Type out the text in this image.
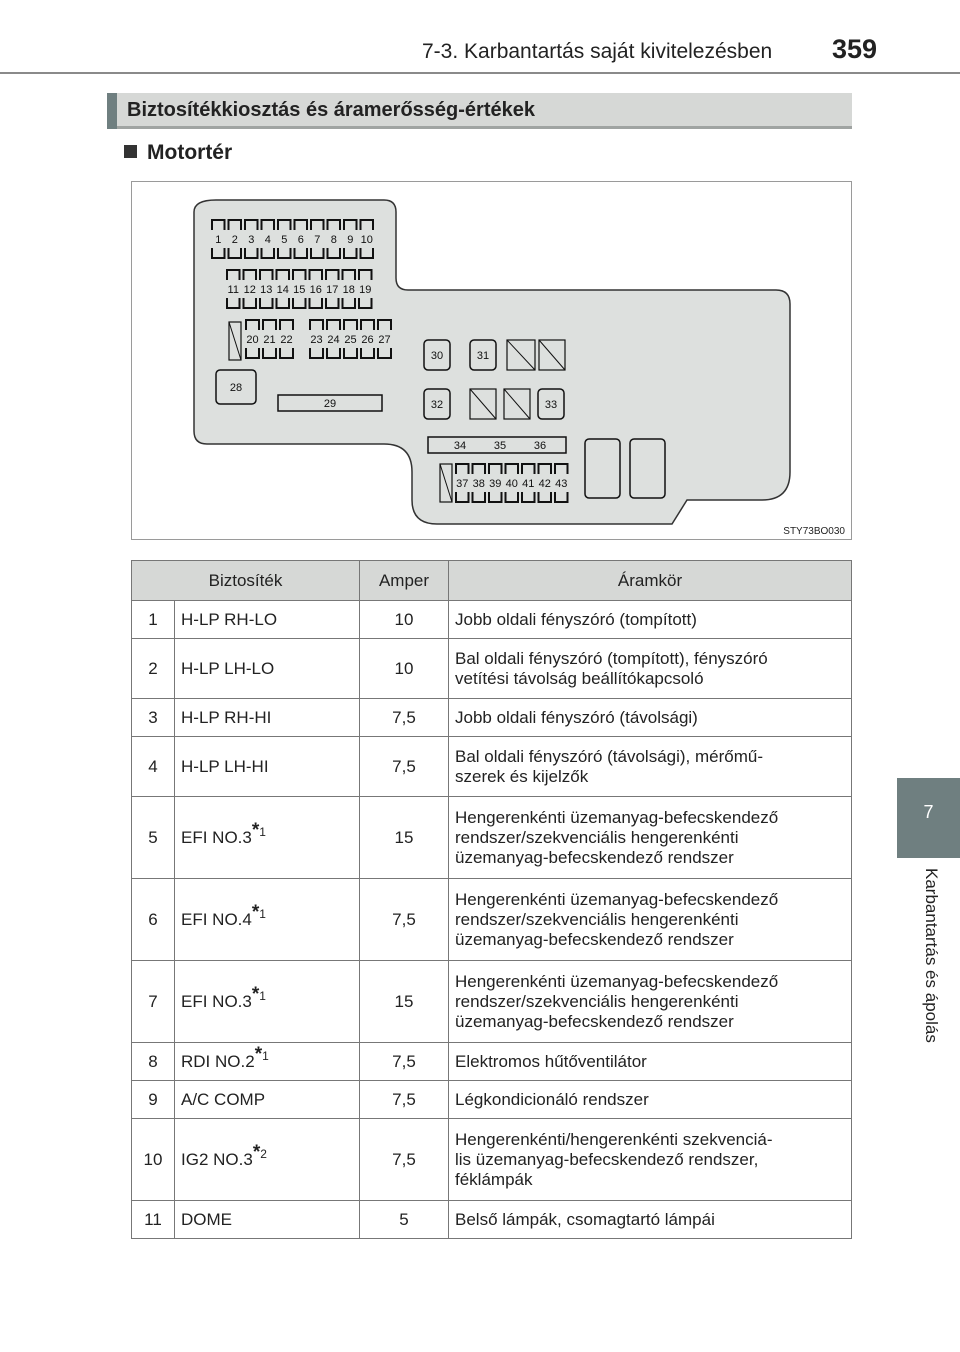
7-3. Karbantartás saját kivitelezésben 359
7
Karbantartás és ápolás
Biztosítékkiosztás és áramerősség-értékek
Motortér
1 2 3 4 5 6 7 8 9 10
11 12 13 14 15 16 17 18 19
20 21 22 23 24 25 26 27
28
29
30	31
32	33
34	35	36
37 38 39 40 41 42 43
STY73BO030
Biztosíték		Amper	Áramkör
1	H-LP RH-LO	10	Jobb oldali fényszóró (tompított)

2	H-LP LH-LO	10	Bal oldali fényszóró (tompított), fényszóró
vetítési távolság beállítókapcsoló

3	H-LP RH-HI	7,5	Jobb oldali fényszóró (távolsági)

4	H-LP LH-HI	7,5	Bal oldali fényszóró (távolsági), mérőmű-
szerek és kijelzők

5	EFI NO.3$^{*1}$	15	Hengerenkénti üzemanyag-befecskendező
rendszer/szekvenciális hengerenkénti
üzemanyag-befecskendező rendszer

6	EFI NO.4$^{*1}$	7,5	Hengerenkénti üzemanyag-befecskendező
rendszer/szekvenciális hengerenkénti
üzemanyag-befecskendező rendszer

7	EFI NO.3$^{*1}$	15	Hengerenkénti üzemanyag-befecskendező
rendszer/szekvenciális hengerenkénti
üzemanyag-befecskendező rendszer

8	RDI NO.2$^{*1}$	7,5	Elektromos hűtőventilátor

9	A/C COMP	7,5	Légkondicionáló rendszer

10	IG2 NO.3$^{*2}$	7,5	Hengerenkénti/hengerenkénti szekvenciá-
lis üzemanyag-befecskendező rendszer,
féklámpák

11	DOME	5	Belső lámpák, csomagtartó lámpái
